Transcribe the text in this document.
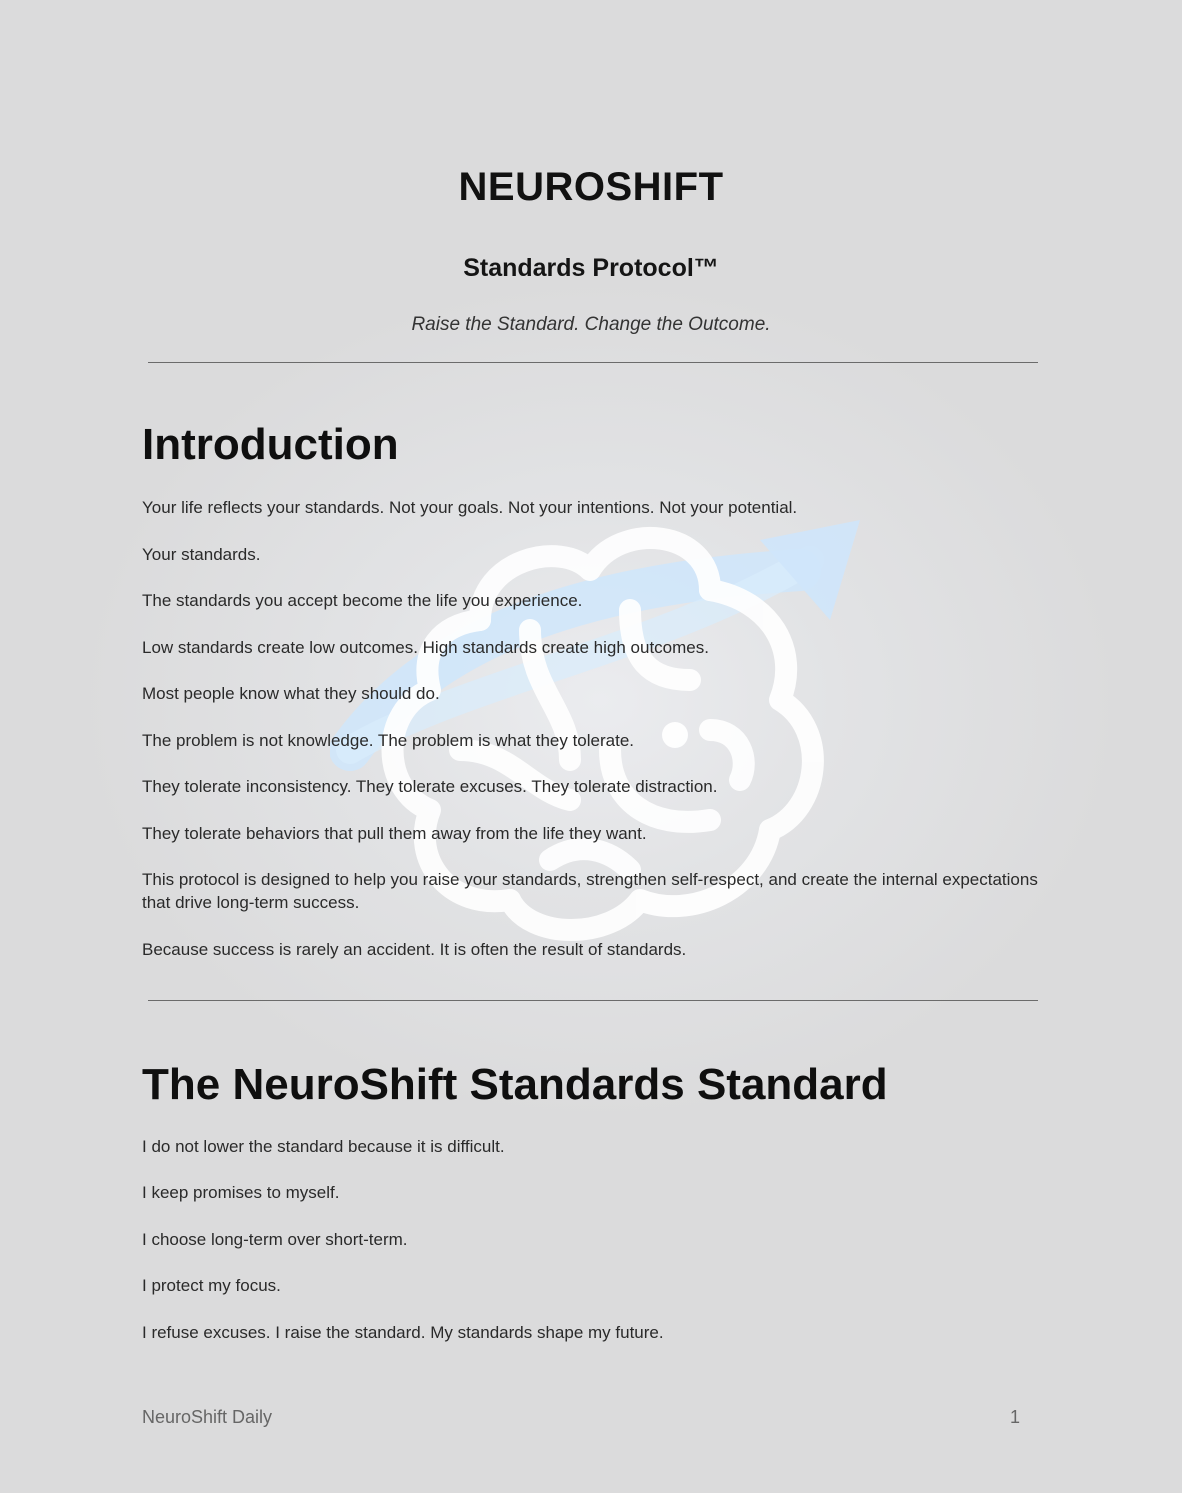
NEUROSHIFT
Standards Protocol™
Raise the Standard. Change the Outcome.
Introduction
Your life reflects your standards. Not your goals. Not your intentions. Not your potential.
Your standards.
The standards you accept become the life you experience.
Low standards create low outcomes. High standards create high outcomes.
Most people know what they should do.
The problem is not knowledge. The problem is what they tolerate.
They tolerate inconsistency. They tolerate excuses. They tolerate distraction.
They tolerate behaviors that pull them away from the life they want.
This protocol is designed to help you raise your standards, strengthen self-respect, and create the internal expectations that drive long-term success.
Because success is rarely an accident. It is often the result of standards.
The NeuroShift Standards Standard
I do not lower the standard because it is difficult.
I keep promises to myself.
I choose long-term over short-term.
I protect my focus.
I refuse excuses. I raise the standard. My standards shape my future.
NeuroShift Daily	1
